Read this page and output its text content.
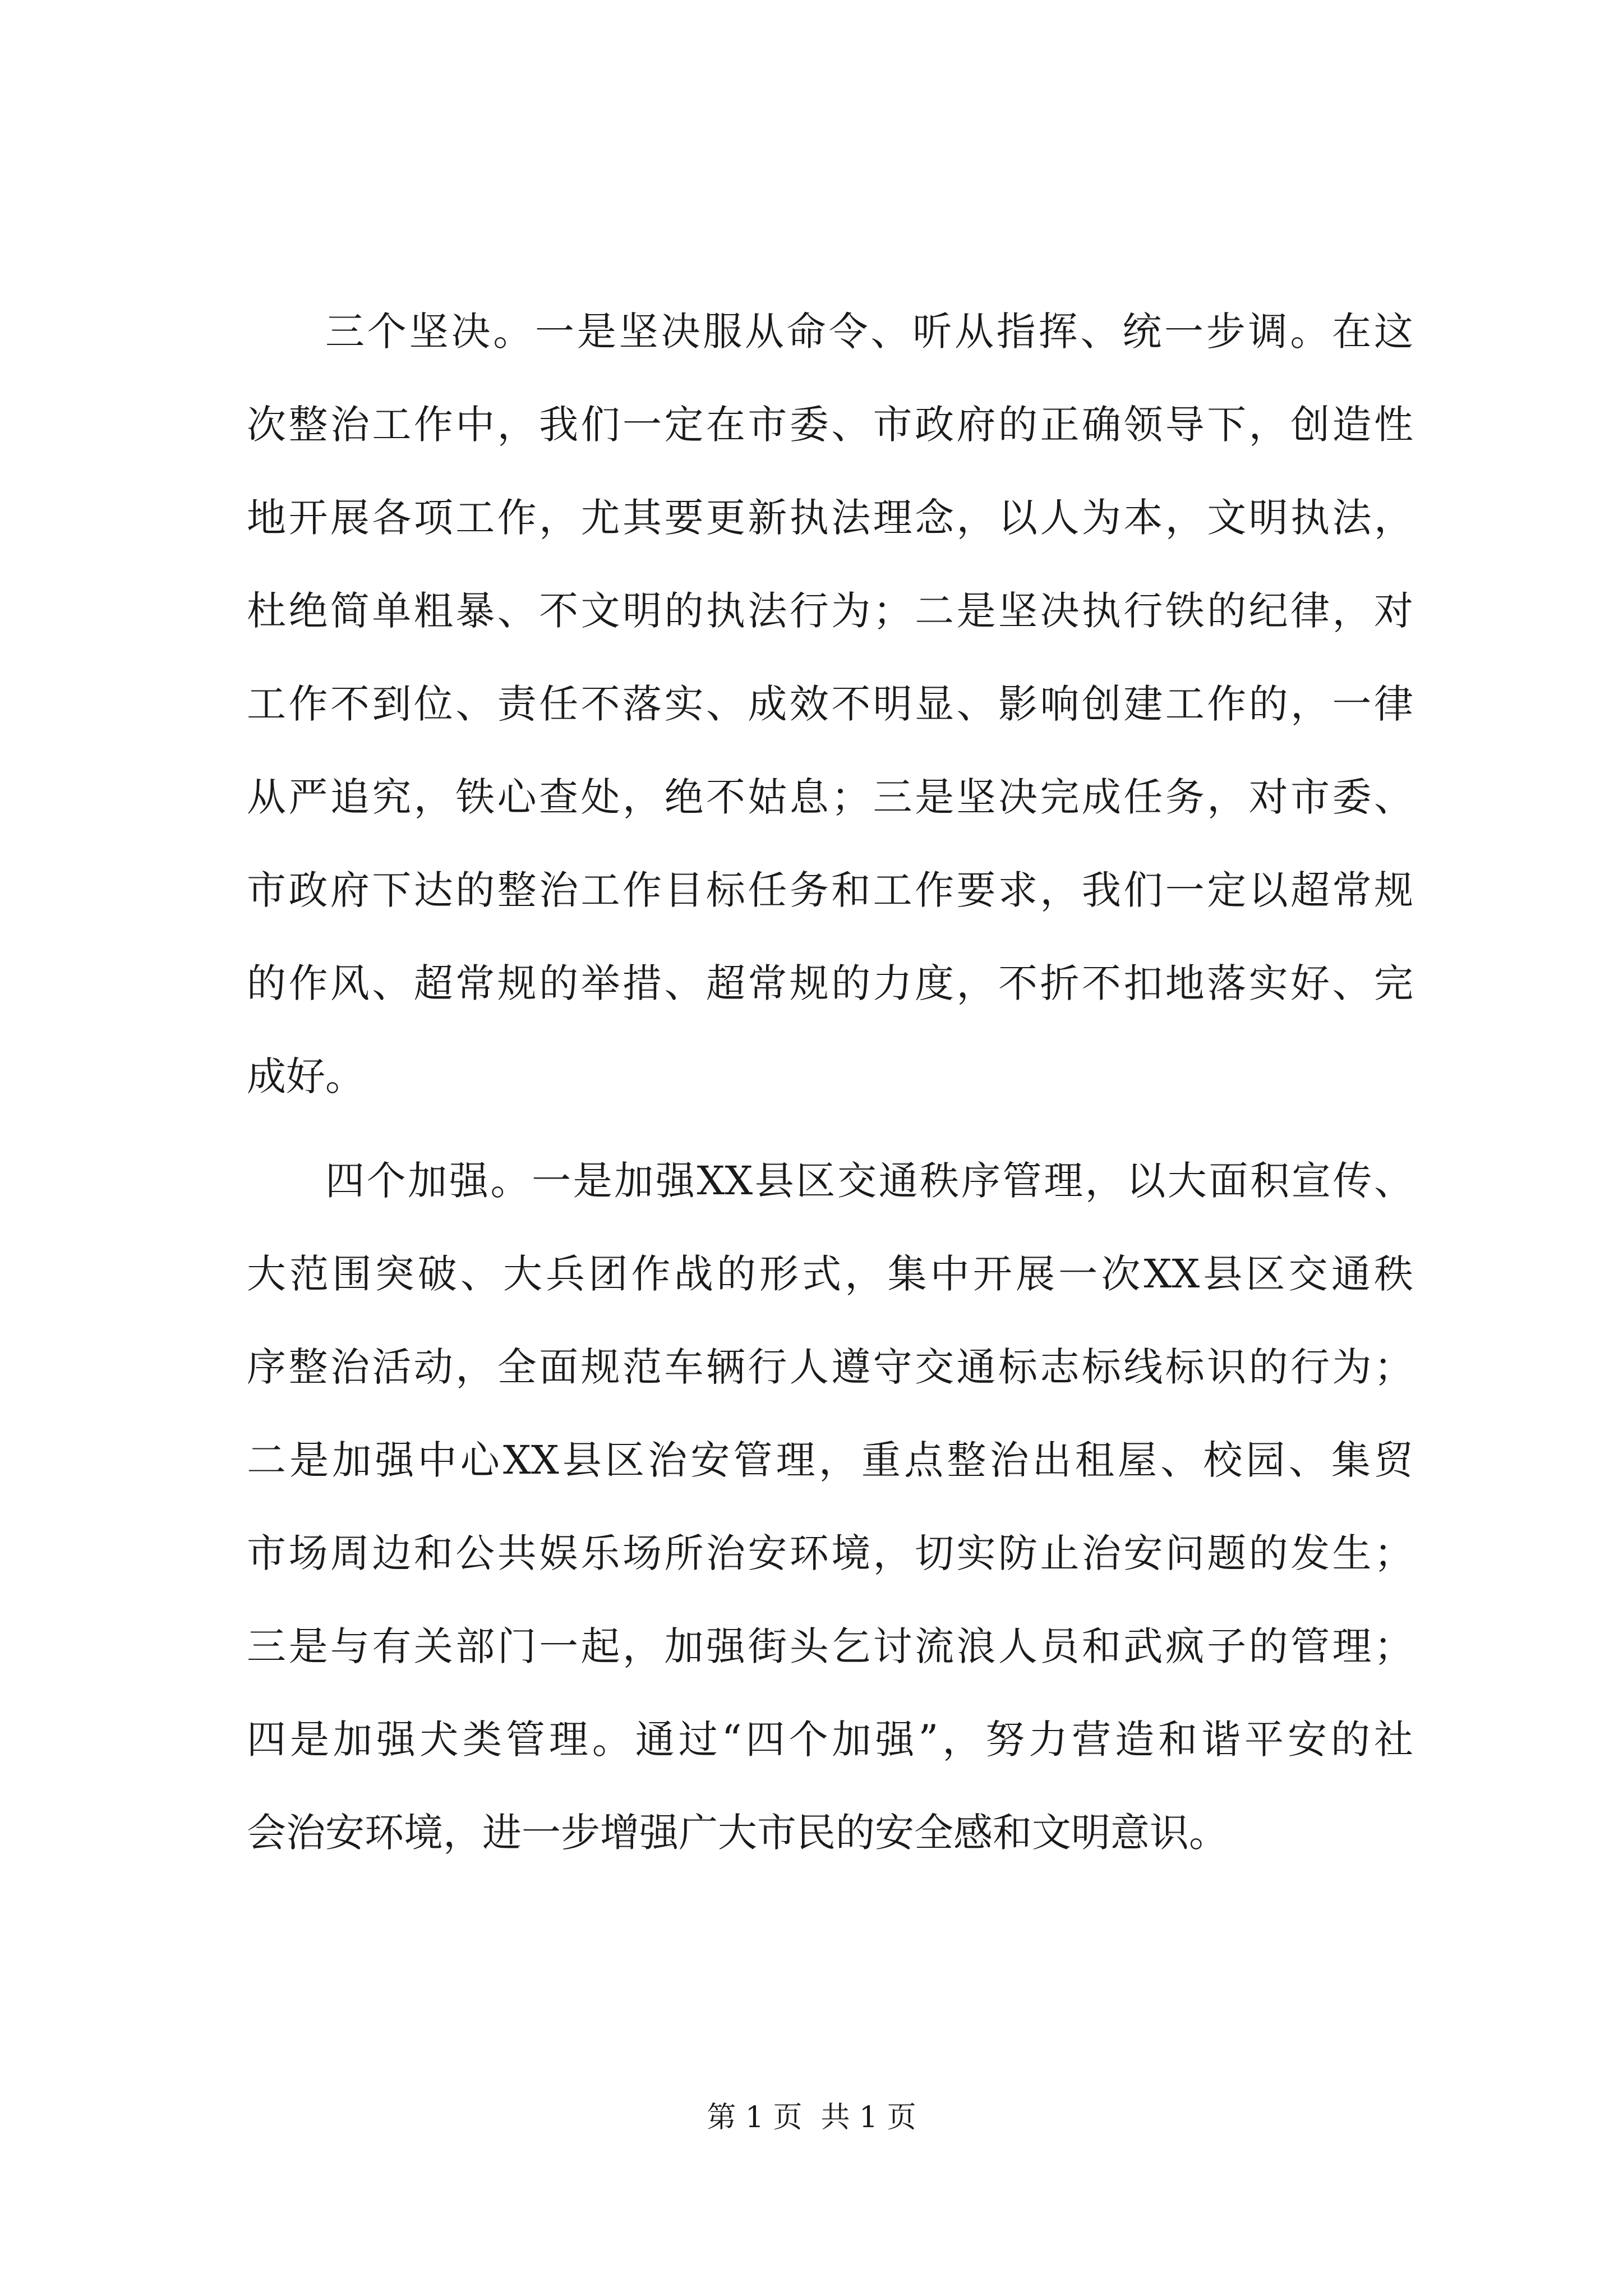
三个坚决。一是坚决服从命令、听从指挥、统一步调。在这
次整治工作中，我们一定在市委、市政府的正确领导下，创造性
地开展各项工作，尤其要更新执法理念，以人为本，文明执法，
杜绝简单粗暴、不文明的执法行为；二是坚决执行铁的纪律，对
工作不到位、责任不落实、成效不明显、影响创建工作的，一律
从严追究，铁心查处，绝不姑息；三是坚决完成任务，对市委、
市政府下达的整治工作目标任务和工作要求，我们一定以超常规
的作风、超常规的举措、超常规的力度，不折不扣地落实好、完
成好。
四个加强。一是加强XX县区交通秩序管理，以大面积宣传、
大范围突破、大兵团作战的形式，集中开展一次XX县区交通秩
序整治活动，全面规范车辆行人遵守交通标志标线标识的行为；
二是加强中心XX县区治安管理，重点整治出租屋、校园、集贸
市场周边和公共娱乐场所治安环境，切实防止治安问题的发生；
三是与有关部门一起，加强街头乞讨流浪人员和武疯子的管理；
四是加强犬类管理。通过“四个加强”，努力营造和谐平安的社
会治安环境，进一步增强广大市民的安全感和文明意识。
第 1 页  共 1 页
